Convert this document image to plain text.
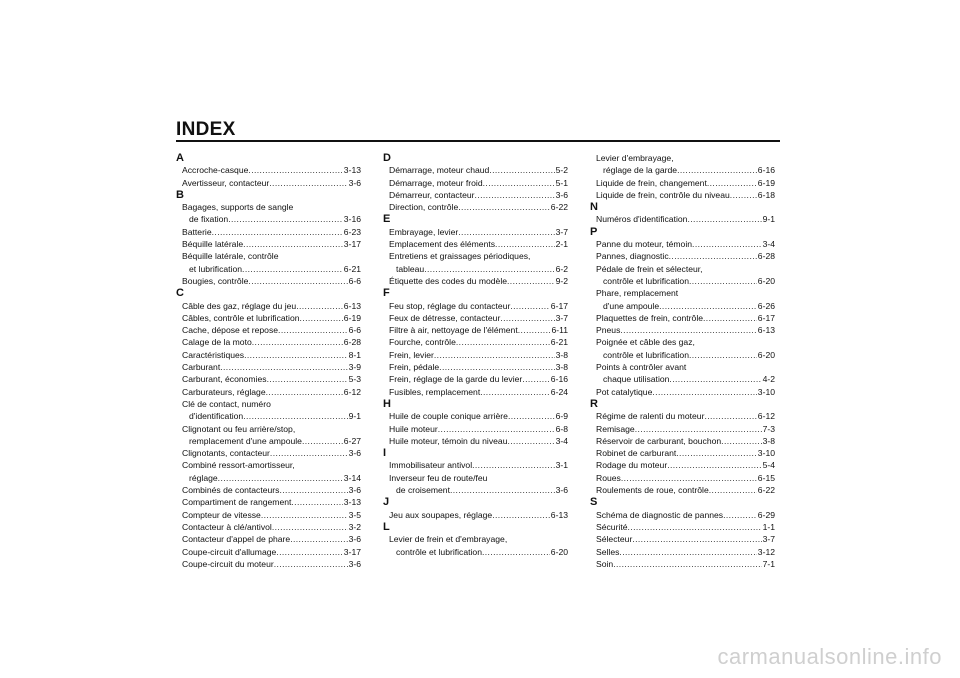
INDEX
A
Accroche-casque .....	3-13
Avertisseur, contacteur .....	3-6
B
Bagages, supports de sangle
de fixation .....	3-16
Batterie .....	6-23
Béquille latérale .....	3-17
Béquille latérale, contrôle
et lubrification .....	6-21
Bougies, contrôle .....	6-6
C
Câble des gaz, réglage du jeu .....	6-13
Câbles, contrôle et lubrification .....	6-19
Cache, dépose et repose .....	6-6
Calage de la moto .....	6-28
Caractéristiques .....	8-1
Carburant .....	3-9
Carburant, économies .....	5-3
Carburateurs, réglage .....	6-12
Clé de contact, numéro
d'identification .....	9-1
Clignotant ou feu arrière/stop,
remplacement d'une ampoule .....	6-27
Clignotants, contacteur .....	3-6
Combiné ressort-amortisseur,
réglage .....	3-14
Combinés de contacteurs .....	3-6
Compartiment de rangement .....	3-13
Compteur de vitesse .....	3-5
Contacteur à clé/antivol .....	3-2
Contacteur d'appel de phare .....	3-6
Coupe-circuit d'allumage .....	3-17
Coupe-circuit du moteur .....	3-6
D
Démarrage, moteur chaud .....	5-2
Démarrage, moteur froid .....	5-1
Démarreur, contacteur .....	3-6
Direction, contrôle .....	6-22
E
Embrayage, levier .....	3-7
Emplacement des éléments .....	2-1
Entretiens et graissages périodiques,
tableau .....	6-2
Étiquette des codes du modèle .....	9-2
F
Feu stop, réglage du contacteur .....	6-17
Feux de détresse, contacteur .....	3-7
Filtre à air, nettoyage de l'élément .....	6-11
Fourche, contrôle .....	6-21
Frein, levier .....	3-8
Frein, pédale .....	3-8
Frein, réglage de la garde du levier .....	6-16
Fusibles, remplacement .....	6-24
H
Huile de couple conique arrière .....	6-9
Huile moteur .....	6-8
Huile moteur, témoin du niveau .....	3-4
I
Immobilisateur antivol .....	3-1
Inverseur feu de route/feu
de croisement .....	3-6
J
Jeu aux soupapes, réglage .....	6-13
L
Levier de frein et d'embrayage,
contrôle et lubrification .....	6-20
Levier d'embrayage,
réglage de la garde .....	6-16
Liquide de frein, changement .....	6-19
Liquide de frein, contrôle du niveau .....	6-18
N
Numéros d'identification .....	9-1
P
Panne du moteur, témoin .....	3-4
Pannes, diagnostic .....	6-28
Pédale de frein et sélecteur,
contrôle et lubrification .....	6-20
Phare, remplacement
d'une ampoule .....	6-26
Plaquettes de frein, contrôle .....	6-17
Pneus .....	6-13
Poignée et câble des gaz,
contrôle et lubrification .....	6-20
Points à contrôler avant
chaque utilisation .....	4-2
Pot catalytique .....	3-10
R
Régime de ralenti du moteur .....	6-12
Remisage .....	7-3
Réservoir de carburant, bouchon .....	3-8
Robinet de carburant .....	3-10
Rodage du moteur .....	5-4
Roues .....	6-15
Roulements de roue, contrôle .....	6-22
S
Schéma de diagnostic de pannes .....	6-29
Sécurité .....	1-1
Sélecteur .....	3-7
Selles .....	3-12
Soin .....	7-1
carmanualsonline.info
